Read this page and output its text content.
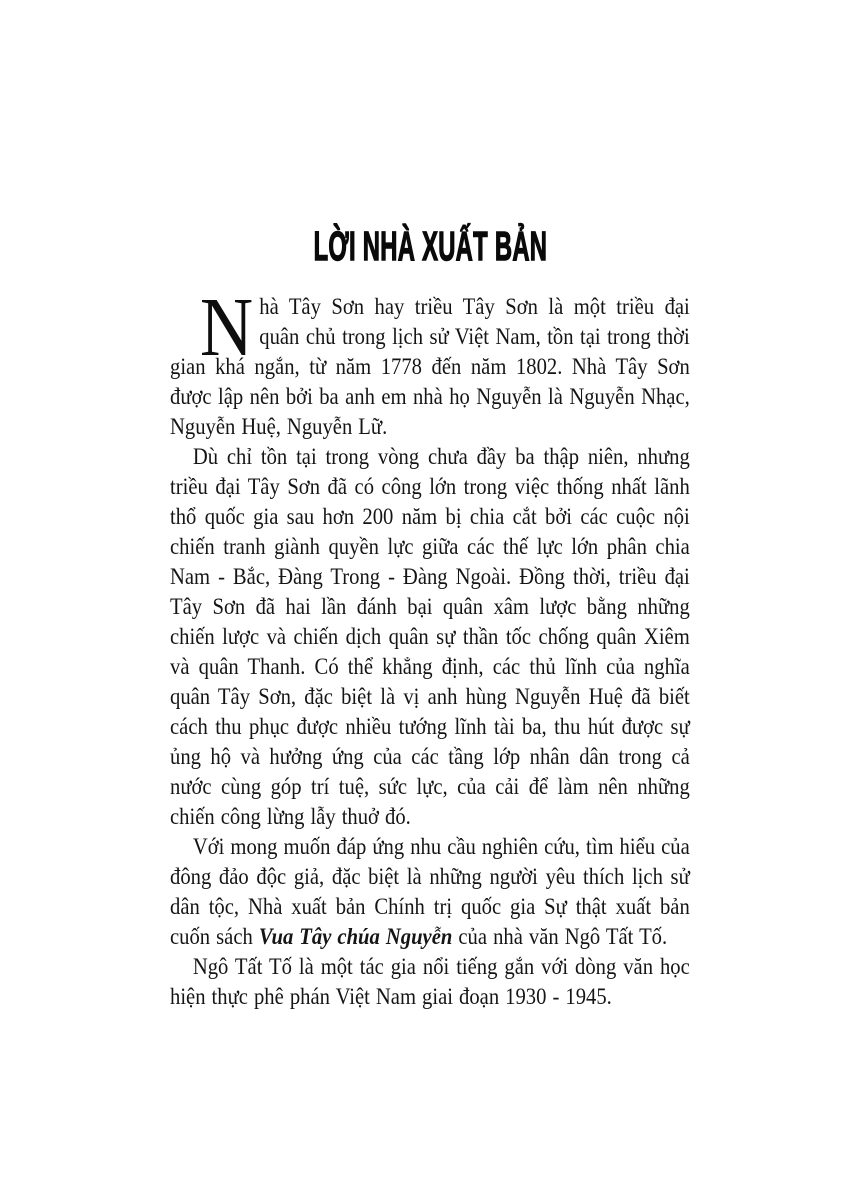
LỜI NHÀ XUẤT BẢN

Nhà Tây Sơn hay triều Tây Sơn là một triều đại quân chủ trong lịch sử Việt Nam, tồn tại trong thời gian khá ngắn, từ năm 1778 đến năm 1802. Nhà Tây Sơn được lập nên bởi ba anh em nhà họ Nguyễn là Nguyễn Nhạc, Nguyễn Huệ, Nguyễn Lữ.

Dù chỉ tồn tại trong vòng chưa đầy ba thập niên, nhưng triều đại Tây Sơn đã có công lớn trong việc thống nhất lãnh thổ quốc gia sau hơn 200 năm bị chia cắt bởi các cuộc nội chiến tranh giành quyền lực giữa các thế lực lớn phân chia Nam - Bắc, Đàng Trong - Đàng Ngoài. Đồng thời, triều đại Tây Sơn đã hai lần đánh bại quân xâm lược bằng những chiến lược và chiến dịch quân sự thần tốc chống quân Xiêm và quân Thanh. Có thể khẳng định, các thủ lĩnh của nghĩa quân Tây Sơn, đặc biệt là vị anh hùng Nguyễn Huệ đã biết cách thu phục được nhiều tướng lĩnh tài ba, thu hút được sự ủng hộ và hưởng ứng của các tầng lớp nhân dân trong cả nước cùng góp trí tuệ, sức lực, của cải để làm nên những chiến công lừng lẫy thuở đó.

Với mong muốn đáp ứng nhu cầu nghiên cứu, tìm hiểu của đông đảo độc giả, đặc biệt là những người yêu thích lịch sử dân tộc, Nhà xuất bản Chính trị quốc gia Sự thật xuất bản cuốn sách Vua Tây chúa Nguyễn của nhà văn Ngô Tất Tố.

Ngô Tất Tố là một tác gia nổi tiếng gắn với dòng văn học hiện thực phê phán Việt Nam giai đoạn 1930 - 1945.
